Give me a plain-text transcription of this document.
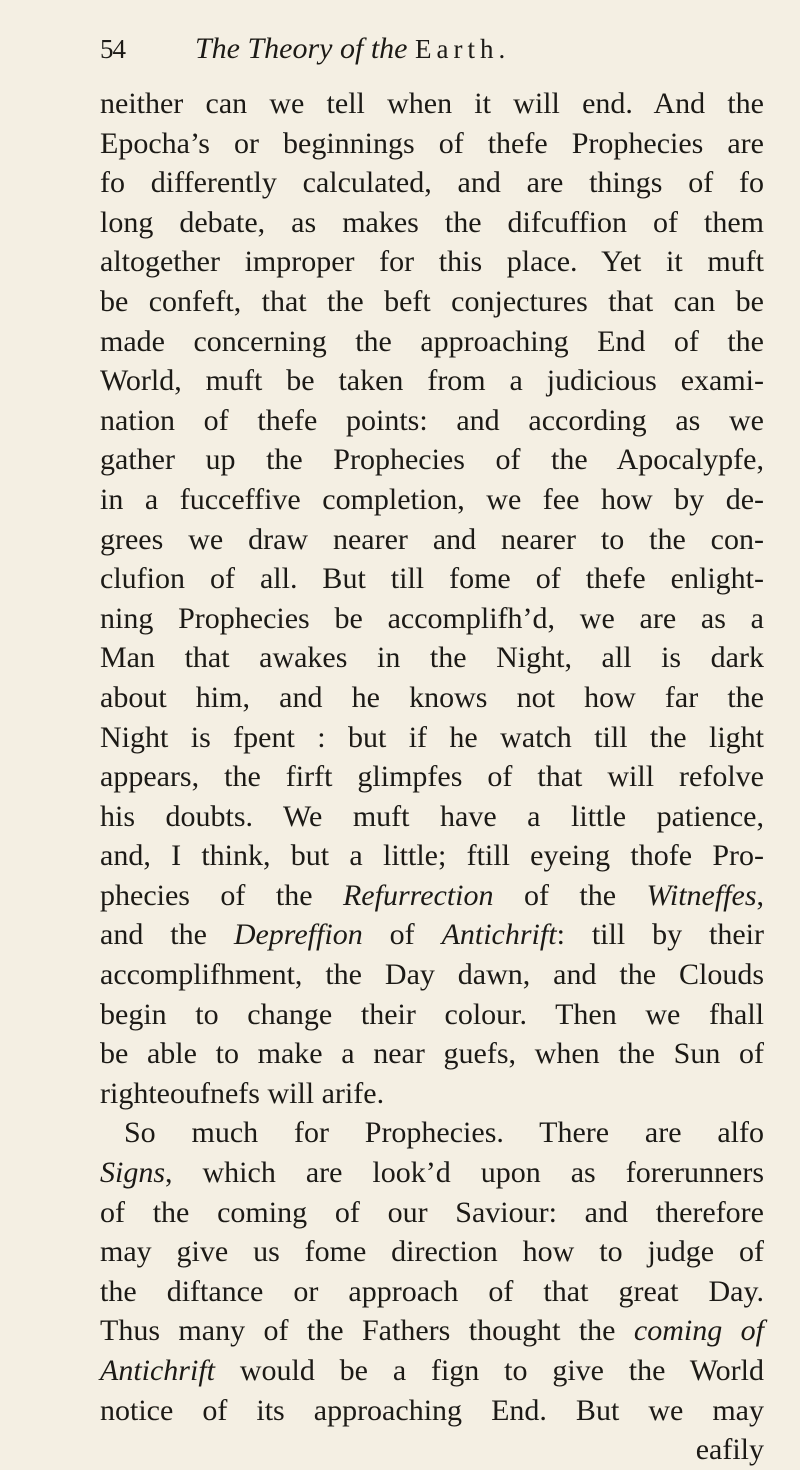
54	The Theory of the Earth.
neither can we tell when it will end. And the
Epocha’s or beginnings of thefe Prophecies are
fo differently calculated, and are things of fo
long debate, as makes the difcuffion of them
altogether improper for this place. Yet it muft
be confeft, that the beft conjectures that can be
made concerning the approaching End of the
World, muft be taken from a judicious exami-
nation of thefe points: and according as we
gather up the Prophecies of the Apocalypfe,
in a fucceffive completion, we fee how by de-
grees we draw nearer and nearer to the con-
clufion of all. But till fome of thefe enlight-
ning Prophecies be accomplifh’d, we are as a
Man that awakes in the Night, all is dark
about him, and he knows not how far the
Night is fpent : but if he watch till the light
appears, the firft glimpfes of that will refolve
his doubts. We muft have a little patience,
and, I think, but a little; ftill eyeing thofe Pro-
phecies of the Refurrection of the Witneffes,
and the Depreffion of Antichrift: till by their
accomplifhment, the Day dawn, and the Clouds
begin to change their colour. Then we fhall
be able to make a near guefs, when the Sun of
righteoufnefs will arife.
So much for Prophecies. There are alfo
Signs, which are look’d upon as forerunners
of the coming of our Saviour: and therefore
may give us fome direction how to judge of
the diftance or approach of that great Day.
Thus many of the Fathers thought the coming of
Antichrift would be a fign to give the World
notice of its approaching End. But we may
eafily
